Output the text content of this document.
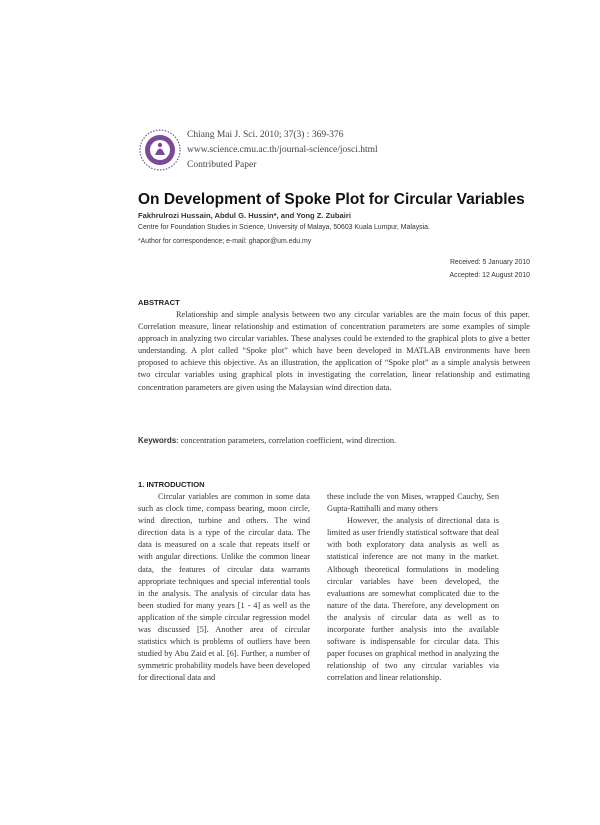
Chiang Mai J. Sci. 2010; 37(3) : 369-376
www.science.cmu.ac.th/journal-science/josci.html
Contributed Paper
On Development of Spoke Plot for Circular Variables
Fakhrulrozi Hussain, Abdul G. Hussin*, and Yong Z. Zubairi
Centre for Foundation Studies in Science, University of Malaya, 50603 Kuala Lumpur, Malaysia.
*Author for correspondence; e-mail: ghapor@um.edu.my
Received: 5 January 2010
Accepted: 12 August 2010
ABSTRACT
Relationship and simple analysis between two any circular variables are the main focus of this paper. Correlation measure, linear relationship and estimation of concentration parameters are some examples of simple approach in analyzing two circular variables. These analyses could be extended to the graphical plots to give a better understanding. A plot called “Spoke plot” which have been developed in MATLAB environments have been proposed to achieve this objective. As an illustration, the application of “Spoke plot” as a simple analysis between two circular variables using graphical plots in investigating the correlation, linear relationship and estimating concentration parameters are given using the Malaysian wind direction data.
Keywords: concentration parameters, correlation coefficient, wind direction.
1. INTRODUCTION

Circular variables are common in some data such as clock time, compass bearing, moon circle, wind direction, turbine and others. The wind direction data is a type of the circular data. The data is measured on a scale that repeats itself or with angular directions. Unlike the common linear data, the features of circular data warrants appropriate techniques and special inferential tools in the analysis. The analysis of circular data has been studied for many years [1 - 4] as well as the application of the simple circular regression model was discussed [5]. Another area of circular statistics which is problems of outliers have been studied by Abu Zaid et al. [6]. Further, a number of symmetric probability models have been developed for directional data and

these include the von Mises, wrapped Cauchy, Sen Gupta-Rattihalli and many others

However, the analysis of directional data is limited as user friendly statistical software that deal with both exploratory data analysis as well as statistical inference are not many in the market. Although theoretical formulations in modeling circular variables have been developed, the evaluations are somewhat complicated due to the nature of the data. Therefore, any development on the analysis of circular data as well as to incorporate further analysis into the available software is indispensable for circular data. This paper focuses on graphical method in analyzing the relationship of two any circular variables via correlation and linear relationship.
